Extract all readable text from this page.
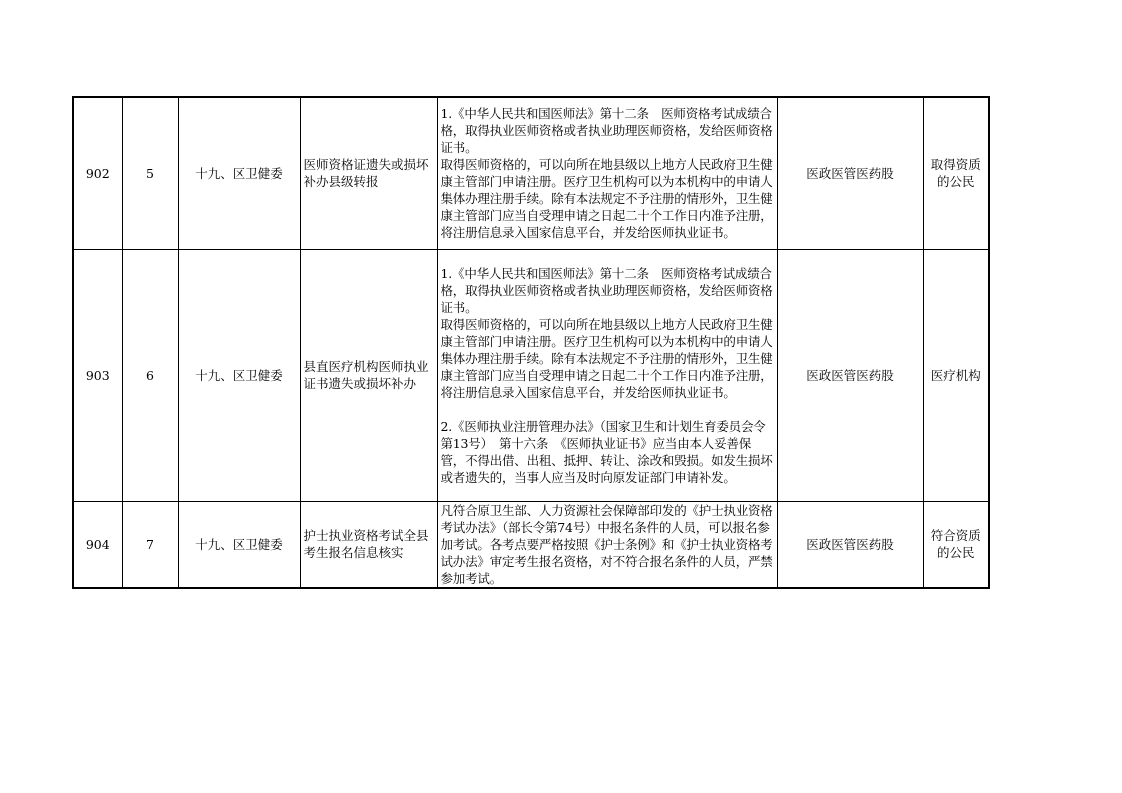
902	5	十九、区卫健委	医师资格证遗失或损坏补办县级转报	1.《中华人民共和国医师法》第十二条　医师资格考试成绩合格，取得执业医师资格或者执业助理医师资格，发给医师资格证书。
取得医师资格的，可以向所在地县级以上地方人民政府卫生健康主管部门申请注册。医疗卫生机构可以为本机构中的申请人集体办理注册手续。除有本法规定不予注册的情形外，卫生健康主管部门应当自受理申请之日起二十个工作日内准予注册，将注册信息录入国家信息平台，并发给医师执业证书。	医政医管医药股	取得资质的公民
903	6	十九、区卫健委	县直医疗机构医师执业证书遗失或损坏补办	1.《中华人民共和国医师法》第十二条　医师资格考试成绩合格，取得执业医师资格或者执业助理医师资格，发给医师资格证书。
取得医师资格的，可以向所在地县级以上地方人民政府卫生健康主管部门申请注册。医疗卫生机构可以为本机构中的申请人集体办理注册手续。除有本法规定不予注册的情形外，卫生健康主管部门应当自受理申请之日起二十个工作日内准予注册，将注册信息录入国家信息平台，并发给医师执业证书。
2.《医师执业注册管理办法》（国家卫生和计划生育委员会令第13号）　第十六条　《医师执业证书》应当由本人妥善保管，不得出借、出租、抵押、转让、涂改和毁损。如发生损坏或者遗失的，当事人应当及时向原发证部门申请补发。	医政医管医药股	医疗机构
904	7	十九、区卫健委	护士执业资格考试全县考生报名信息核实	凡符合原卫生部、人力资源社会保障部印发的《护士执业资格考试办法》（部长令第74号）中报名条件的人员，可以报名参加考试。各考点要严格按照《护士条例》和《护士执业资格考试办法》审定考生报名资格，对不符合报名条件的人员，严禁参加考试。	医政医管医药股	符合资质的公民
